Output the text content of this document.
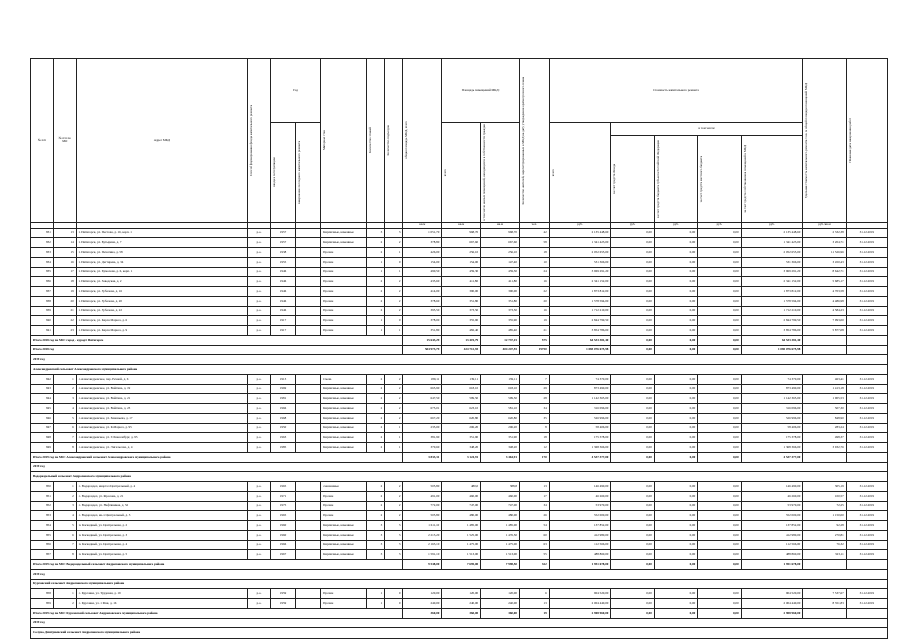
№ п/п	№ п/п по МО	Адрес МКД	Способ формирования фонда капитального ремонта	Год		Материал стен	Количество этажей	Количество подъездов	общая площадь МКД, всего	Площадь помещений МКД:		Количество жителей, зарегистрированных в МКД на дату утверждения краткосрочного плана	Стоимость капитального ремонта					Удельная стоимость капитального ремонта 1 кв. м общей площади помещений МКД	Плановая дата завершения работ

				ввода в эксплуатацию	завершение последнего капитального ремонта					всего	в том числе жилых помещений, находящихся в собственности граждан		всего	в том числе:					

														за счет средств Фонда	за счет средств бюджета субъекта Российской Федерации	за счет средств местного бюджета	за счет средств собственников помещений в МКД		

									кв.м	кв.м	кв.м	чел.	руб.	руб.	руб.	руб.	руб.	руб./кв.м	
831	13	г. Пятигорск, ул. Пестова, д. 16, корп. 1	р.о.	1957		Кирпичные, каменные	3	3	1 051,70	968,70	968,70	42	2 135 448,60	0,00	0,00	0,00	2 135 448,60	2 332,38	31.12.2019
832	14	г. Пятигорск, ул. Бутырина, д. 7	р.о.	1957		Кирпичные, каменные	2	2	378,80	667,60	667,60	58	1 341 423,00	0,00	0,00	0,00	1 341 423,00	3 204,71	31.12.2019
833	15	г. Пятигорск, ул. Пехотина, д. 58	р.о.	1938		Прочие	2	1	426,00	256,10	256,10	18	2 052 655,00	0,00	0,00	0,00	2 052 655,00	11 526,96	31.12.2019
834	16	г. Пятигорск, ул. Дегтярева, д. 34	р.о.	1955		Прочие	1	0	154,00	154,00	147,40	10	531 366,00	0,00	0,00	0,00	531 366,00	3 450,43	31.12.2019
835	17	г. Пятигорск, ул. Ермолова, д. 6, корп. 1	р.о.	1946		Прочие	1	1	490,50	459,30	459,30	24	3 969 291,20	0,00	0,00	0,00	3 969 291,20	8 642,71	31.12.2019
836	18	г. Пятигорск, ул. Заводская, д. 2	р.о.	1946		Прочие	2	2	435,60	411,80	411,80	16	2 341 152,00	0,00	0,00	0,00	2 341 152,00	5 685,17	31.12.2019
837	19	г. Пятигорск, ул. Зубалова, д. 16	р.о.	1946		Прочие	2	2	414,00	390,00	390,00	22	1 873 812,00	0,00	0,00	0,00	1 873 812,00	4 703,58	31.12.2019
838	20	г. Пятигорск, ул. Зубалова, д. 20	р.о.	1946		Прочие	2	2	378,60	351,80	351,80	20	1 578 594,00	0,00	0,00	0,00	1 578 594,00	4 486,98	31.12.2019
839	21	г. Пятигорск, ул. Зубалова, д. 22	р.о.	1946		Прочие	2	2	395,50	373,50	373,50	16	1 712 210,00	0,00	0,00	0,00	1 712 210,00	4 584,23	31.12.2019
840	22	г. Пятигорск, ул. Карла Маркса, д. 6	р.о.	1917		Прочие	1	0	378,00	355,90	355,90	19	2 844 799,50	0,00	0,00	0,00	2 844 799,50	7 993,00	31.12.2019
841	23	г. Пятигорск, ул. Карла Маркса, д. 9	р.о.	1917		Прочие	1	1	351,80	482,40	485,40	21	3 854 786,00	0,00	0,00	0,00	3 854 786,00	5 877,08	31.12.2019
Итого 2018 год по МО: город - курорт Пятигорск									15 643,29	13 419,79	12 737,15	575	64 533 381,40	0,00	0,00	0,00	64 533 381,40		
Итого 2018 год									504 973,79	424 712,93	404 247,55	19750	1 085 076 675,98	0,00	0,00	0,00	1 085 076 675,98		
2019 год																			
Александровский сельсовет Александровского муниципального района																			
842	1	с.Александровское, пер. Речной, д. 6	р.о.	1913		Смеш.	2	2	189,11	139,11	139,11	7	74 370,00	0,00	0,00	0,00	74 370,00	463,41	31.12.2019
843	2	с.Александровское, ул. Войтина, д. 19	р.о.	1969		Кирпичные, каменные	2	2	665,90	618,10	618,10	29	873 490,00	0,00	0,00	0,00	873 490,00	1 413,18	31.12.2019
844	3	с.Александровское, ул. Войтина, д. 21	р.о.	1981		Кирпичные, каменные	2	2	647,50	599,50	599,50	28	1 142 365,00	0,00	0,00	0,00	1 142 365,00	1 905,53	31.12.2019
845	4	с.Александровское, ул. Войтина, д. 23	р.о.	1966		Кирпичные, каменные	2	2	675,01	623,10	581,10	34	316 096,00	0,00	0,00	0,00	316 096,00	507,30	31.12.2019
846	5	с.Александровское, ул. Зиновьева, д. 17	р.о.	1968		Кирпичные, каменные	2	2	667,20	620,80	620,80	35	526 996,00	0,00	0,00	0,00	526 996,00	848,90	31.12.2019
847	6	с.Александровское, ул. К.Маркса, д. 95	р.о.	1950		Кирпичные, каменные	2	1	235,00	206,20	206,20	8	58 406,00	0,00	0,00	0,00	58 406,00	283,24	31.12.2019
848	7	с.Александровское, ул. Г.Люксембург, д. 95	р.о.	1963		Кирпичные, каменные	2	1	381,90	351,90	351,90	18	175 378,00	0,00	0,00	0,00	175 378,00	498,37	31.12.2019
849	8	с.Александровское, ул. Энгельсова, д. 4	р.о.	1985		Кирпичные, каменные	2	1	370,60	348,20	348,20	12	1 368 366,00	0,00	0,00	0,00	1 368 366,00	3 932,76	31.12.2019
Итого 2019 год по МО: Александровский сельсовет Александровского муниципального района									3 833,31	3 124,91	3 464,91	170	4 537 377,00	0,00	0,00	0,00	4 537 377,00		
2019 год																			
Водораздельный сельсовет Андроповского муниципального района																			
850	1	с. Водораздел, квартал Центральный, д. 4	р.о.	1965		смешанные	2	2	505,80	480,0	388,8	13	146 490,00	0,00	0,00	0,00	146 490,00	305,19	31.12.2019
851	2	с. Водораздел, ул. Фролова, д. 21	р.о.	1971		Прочие	2	2	491,00	460,00	460,00	17	46 260,00	0,00	0,00	0,00	46 260,00	100,57	31.12.2019
852	3	с. Водораздел, ул. Нефтяников, д. 52	р.о.	1975		Прочие	2	2	772,00	747,00	747,00	34	53 970,00	0,00	0,00	0,00	53 970,00	72,25	31.12.2019
853	4	с. Водораздел, кв-л Центральный, д. 3	р.о.	1965		Прочие	2	2	505,80	480,00	480,00	26	552 000,00	0,00	0,00	0,00	552 000,00	1 150,00	31.12.2019
854	5	п. Каскадный, ул. Центральная, д. 2	р.о.	1960		Кирпичные, каменные	3	3	1 611,10	1 485,00	1 485,00	54	137 852,00	0,00	0,00	0,00	137 852,00	92,28	31.12.2019
855	6	п. Каскадный, ул. Центральная, д. 3	р.о.	1960		Кирпичные, каменные	3	3	2 213,20	1 525,00	1 476,50	60	412 980,00	0,00	0,00	0,00	412 980,00	270,81	31.12.2019
856	7	п. Каскадный, ул. Центральная, д. 4	р.о.	1966		Кирпичные, каменные	3	3	2 163,10	1 475,00	1 475,00	63	112 566,00	0,00	0,00	0,00	112 566,00	76,32	31.12.2019
857	8	п. Каскадный, ул. Центральная, д. 5	р.о.	1967		Кирпичные, каменные	3	3	1 591,10	1 513,00	1 513,00	55	488 860,00	0,00	0,00	0,00	488 860,00	323,11	31.12.2019
Итого 2019 год по МО: Водораздельный сельсовет Андроповского муниципального района									9 548,00	7 695,00	7 998,50	322	1 951 678,00	0,00	0,00	0,00	1 951 678,00		
2019 год																			
Курсавский сельсовет Андроповского муниципального района																			
858	1	с. Курсавка, ул. Трудовая, д. 19	р.о.	1959		Прочие	1	0	120,00	120,00	120,00	6	904 520,00	0,00	0,00	0,00	904 520,00	7 537,67	31.12.2019
859	2	с. Курсавка, ул. 1 Мая, д. 16	р.о.	1959		Прочие	1	0	240,00	240,00	240,00	13	2 004 440,00	0,00	0,00	0,00	2 004 440,00	8 351,83	31.12.2019
Итого 2019 год по МО: Курсавский сельсовет Андроповского муниципального района									360,00	360,00	360,00	19	2 908 960,00	0,00	0,00	0,00	2 908 960,00		
2019 год																			
Солуно-Дмитриевский сельсовет Андроповского муниципального района																			
